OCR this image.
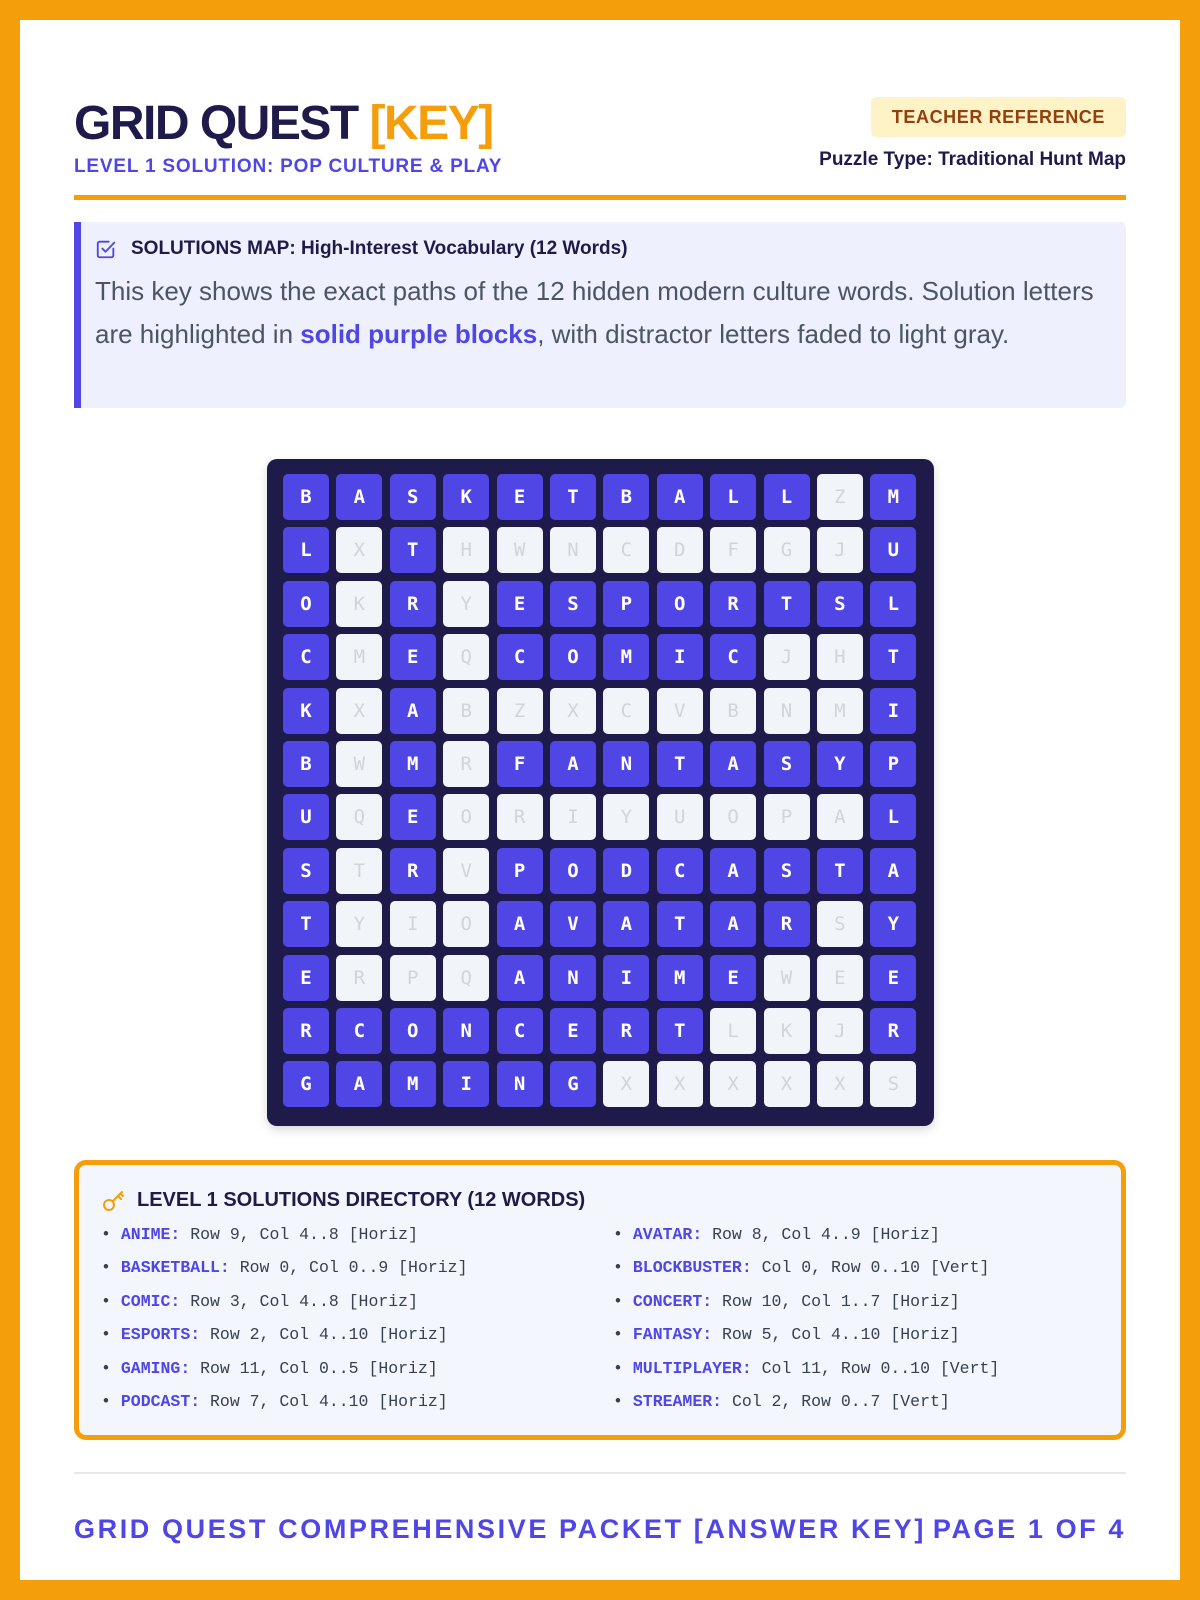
GRID QUEST [KEY]
LEVEL 1 SOLUTION: POP CULTURE & PLAY
TEACHER REFERENCE
Puzzle Type: Traditional Hunt Map
SOLUTIONS MAP: High-Interest Vocabulary (12 Words)

This key shows the exact paths of the 12 hidden modern culture words. Solution letters are highlighted in solid purple blocks, with distractor letters faded to light gray.

B	A	S	K	E	T	B	A	L	L	Z	M
L	X	T	H	W	N	C	D	F	G	J	U
O	K	R	Y	E	S	P	O	R	T	S	L
C	M	E	Q	C	O	M	I	C	J	H	T
K	X	A	B	Z	X	C	V	B	N	M	I
B	W	M	R	F	A	N	T	A	S	Y	P
U	Q	E	O	R	I	Y	U	O	P	A	L
S	T	R	V	P	O	D	C	A	S	T	A
T	Y	I	O	A	V	A	T	A	R	S	Y
E	R	P	Q	A	N	I	M	E	W	E	E
R	C	O	N	C	E	R	T	L	K	J	R
G	A	M	I	N	G	X	X	X	X	X	S
LEVEL 1 SOLUTIONS DIRECTORY (12 WORDS)
• ANIME: Row 9, Col 4..8 [Horiz]	• AVATAR: Row 8, Col 4..9 [Horiz]
• BASKETBALL: Row 0, Col 0..9 [Horiz]	• BLOCKBUSTER: Col 0, Row 0..10 [Vert]
• COMIC: Row 3, Col 4..8 [Horiz]	• CONCERT: Row 10, Col 1..7 [Horiz]
• ESPORTS: Row 2, Col 4..10 [Horiz]	• FANTASY: Row 5, Col 4..10 [Horiz]
• GAMING: Row 11, Col 0..5 [Horiz]	• MULTIPLAYER: Col 11, Row 0..10 [Vert]
• PODCAST: Row 7, Col 4..10 [Horiz]	• STREAMER: Col 2, Row 0..7 [Vert]
GRID QUEST COMPREHENSIVE PACKET [ANSWER KEY] PAGE 1 OF 4
